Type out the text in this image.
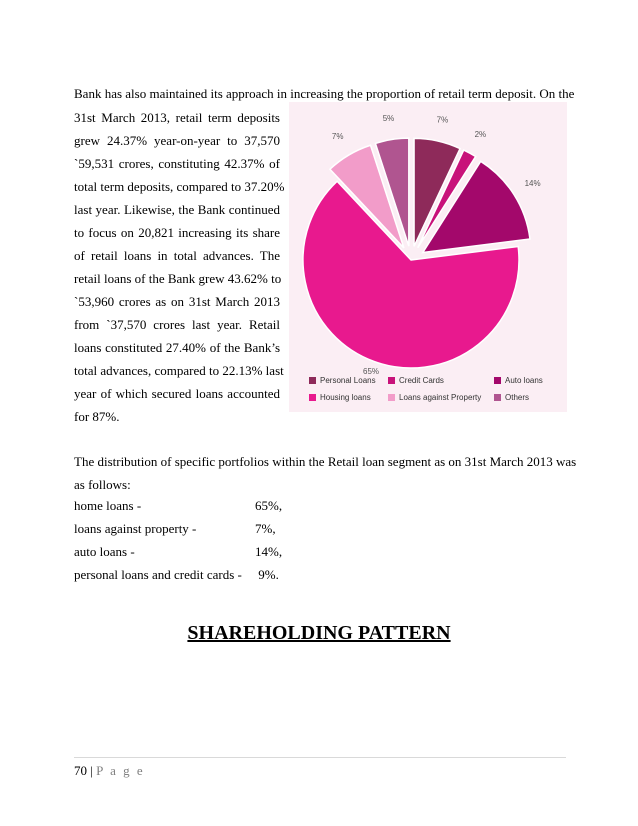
Bank has also maintained its approach in increasing the proportion of retail term deposit. On the
31st March 2013, retail term deposits
grew 24.37% year-on-year to 37,570
`59,531 crores, constituting 42.37% of
total term deposits, compared to 37.20%
last year. Likewise, the Bank continued
to focus on 20,821 increasing its share
of retail loans in total advances. The
retail loans of the Bank grew 43.62% to
`53,960 crores as on 31st March 2013
from `37,570 crores last year. Retail
loans constituted 27.40% of the Bank’s
total advances, compared to 22.13% last
year of which secured loans accounted
for 87%.
7%
2%
14%
65%
7%
5%
Personal Loans	Credit Cards	Auto loans
Housing loans	Loans against Property	Others
The distribution of specific portfolios within the Retail loan segment as on 31st March 2013 was
as follows:
home loans -	65%,
loans against property -	7%,
auto loans -	14%,
personal loans and credit cards - 9%.
SHAREHOLDING PATTERN
70 | P a g e
